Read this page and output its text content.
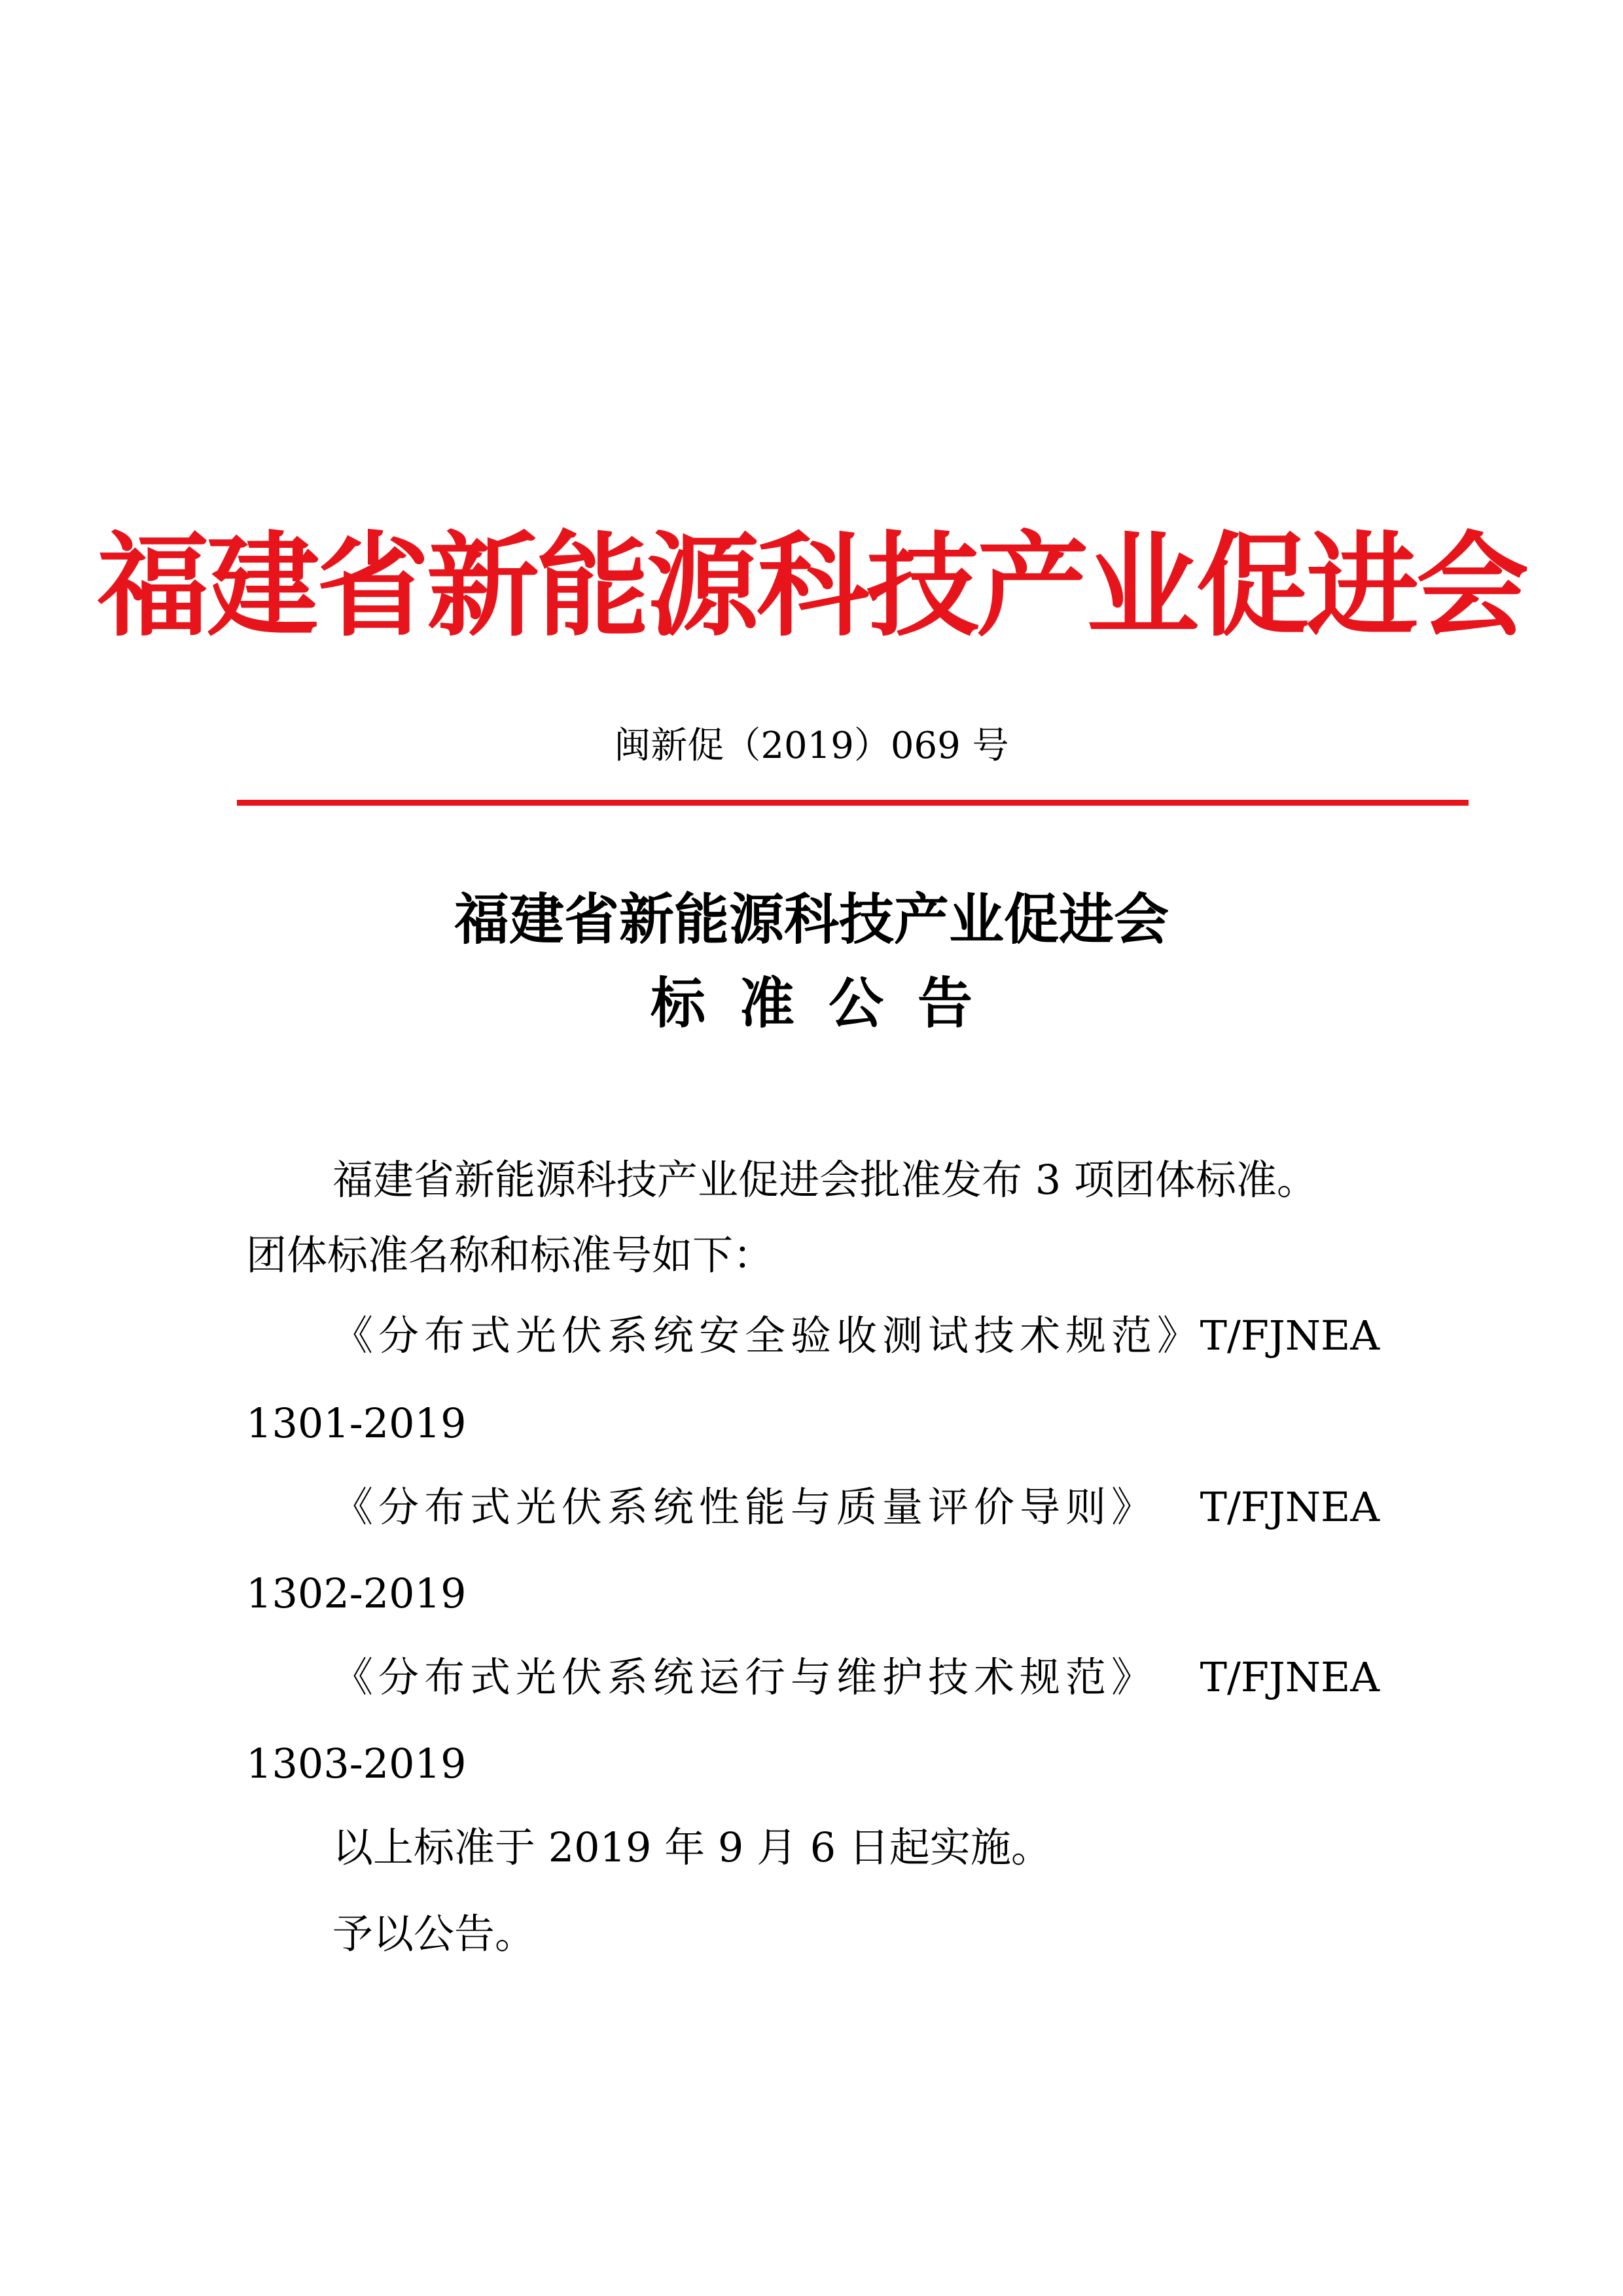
福建省新能源科技产业促进会
闽新促（2019）069 号
福建省新能源科技产业促进会
标准公告
福建省新能源科技产业促进会批准发布 3 项团体标准。
团体标准名称和标准号如下：
《分布式光伏系统安全验收测试技术规范》
T/FJNEA
1301-2019
《分布式光伏系统性能与质量评价导则》 T/FJNEA
1302-2019
《分布式光伏系统运行与维护技术规范》 T/FJNEA
1303-2019
以上标准于 2019 年 9 月 6 日起实施。
予以公告。
